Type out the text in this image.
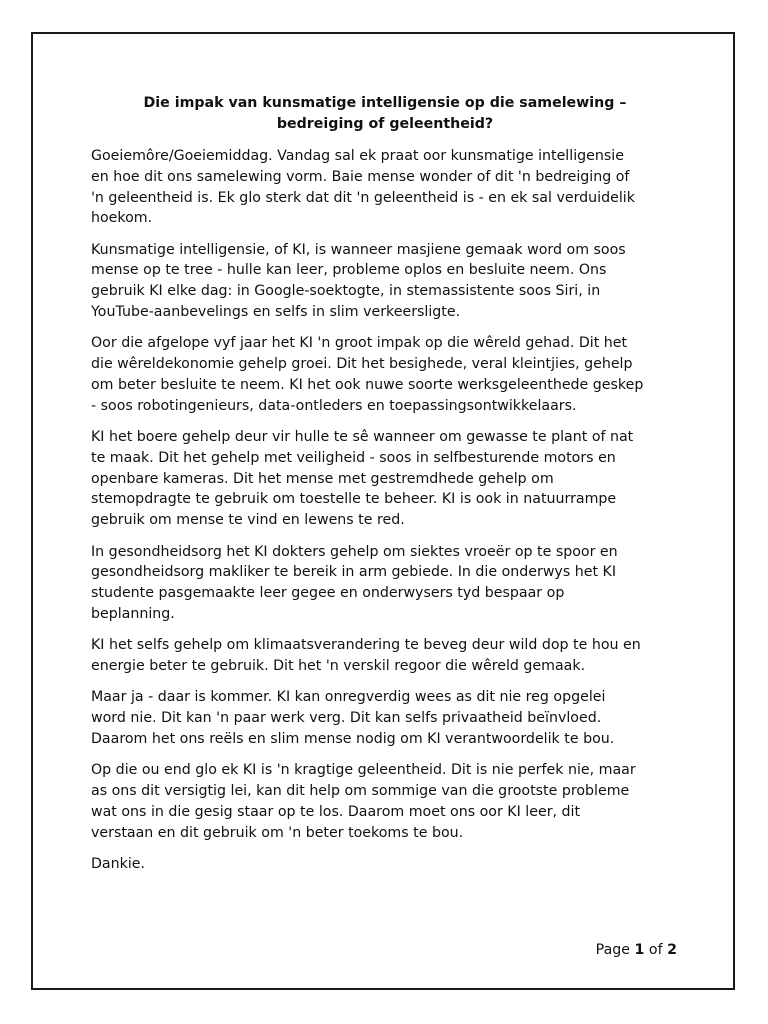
Die impak van kunsmatige intelligensie op die samelewing –
bedreiging of geleentheid?

Goeiemôre/Goeiemiddag. Vandag sal ek praat oor kunsmatige intelligensie
en hoe dit ons samelewing vorm. Baie mense wonder of dit 'n bedreiging of
'n geleentheid is. Ek glo sterk dat dit 'n geleentheid is - en ek sal verduidelik
hoekom.

Kunsmatige intelligensie, of KI, is wanneer masjiene gemaak word om soos
mense op te tree - hulle kan leer, probleme oplos en besluite neem. Ons
gebruik KI elke dag: in Google-soektogte, in stemassistente soos Siri, in
YouTube-aanbevelings en selfs in slim verkeersligte.

Oor die afgelope vyf jaar het KI 'n groot impak op die wêreld gehad. Dit het
die wêreldekonomie gehelp groei. Dit het besighede, veral kleintjies, gehelp
om beter besluite te neem. KI het ook nuwe soorte werksgeleenthede geskep
- soos robotingenieurs, data-ontleders en toepassingsontwikkelaars.

KI het boere gehelp deur vir hulle te sê wanneer om gewasse te plant of nat
te maak. Dit het gehelp met veiligheid - soos in selfbesturende motors en
openbare kameras. Dit het mense met gestremdhede gehelp om
stemopdragte te gebruik om toestelle te beheer. KI is ook in natuurrampe
gebruik om mense te vind en lewens te red.

In gesondheidsorg het KI dokters gehelp om siektes vroeër op te spoor en
gesondheidsorg makliker te bereik in arm gebiede. In die onderwys het KI
studente pasgemaakte leer gegee en onderwysers tyd bespaar op
beplanning.

KI het selfs gehelp om klimaatsverandering te beveg deur wild dop te hou en
energie beter te gebruik. Dit het 'n verskil regoor die wêreld gemaak.

Maar ja - daar is kommer. KI kan onregverdig wees as dit nie reg opgelei
word nie. Dit kan 'n paar werk verg. Dit kan selfs privaatheid beïnvloed.
Daarom het ons reëls en slim mense nodig om KI verantwoordelik te bou.

Op die ou end glo ek KI is 'n kragtige geleentheid. Dit is nie perfek nie, maar
as ons dit versigtig lei, kan dit help om sommige van die grootste probleme
wat ons in die gesig staar op te los. Daarom moet ons oor KI leer, dit
verstaan en dit gebruik om 'n beter toekoms te bou.

Dankie.

Page 1 of 2
